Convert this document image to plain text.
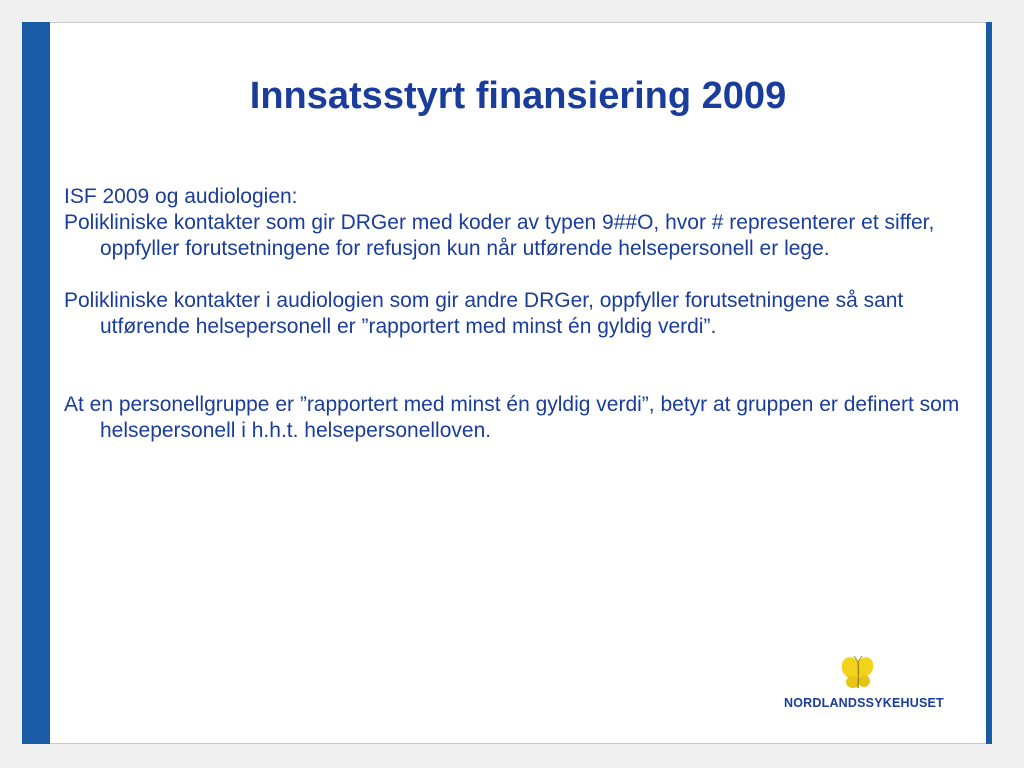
Innsatsstyrt finansiering 2009

ISF 2009 og audiologien:

Polikliniske kontakter som gir DRGer med koder av typen 9##O, hvor # representerer et siffer, oppfyller forutsetningene for refusjon kun når utførende helsepersonell er lege.

Polikliniske kontakter i audiologien som gir andre DRGer, oppfyller forutsetningene så sant utførende helsepersonell er ”rapportert med minst én gyldig verdi”.

At en personellgruppe er ”rapportert med minst én gyldig verdi”, betyr at gruppen er definert som helsepersonell i h.h.t. helsepersonelloven.

NORDLANDSSYKEHUSET
